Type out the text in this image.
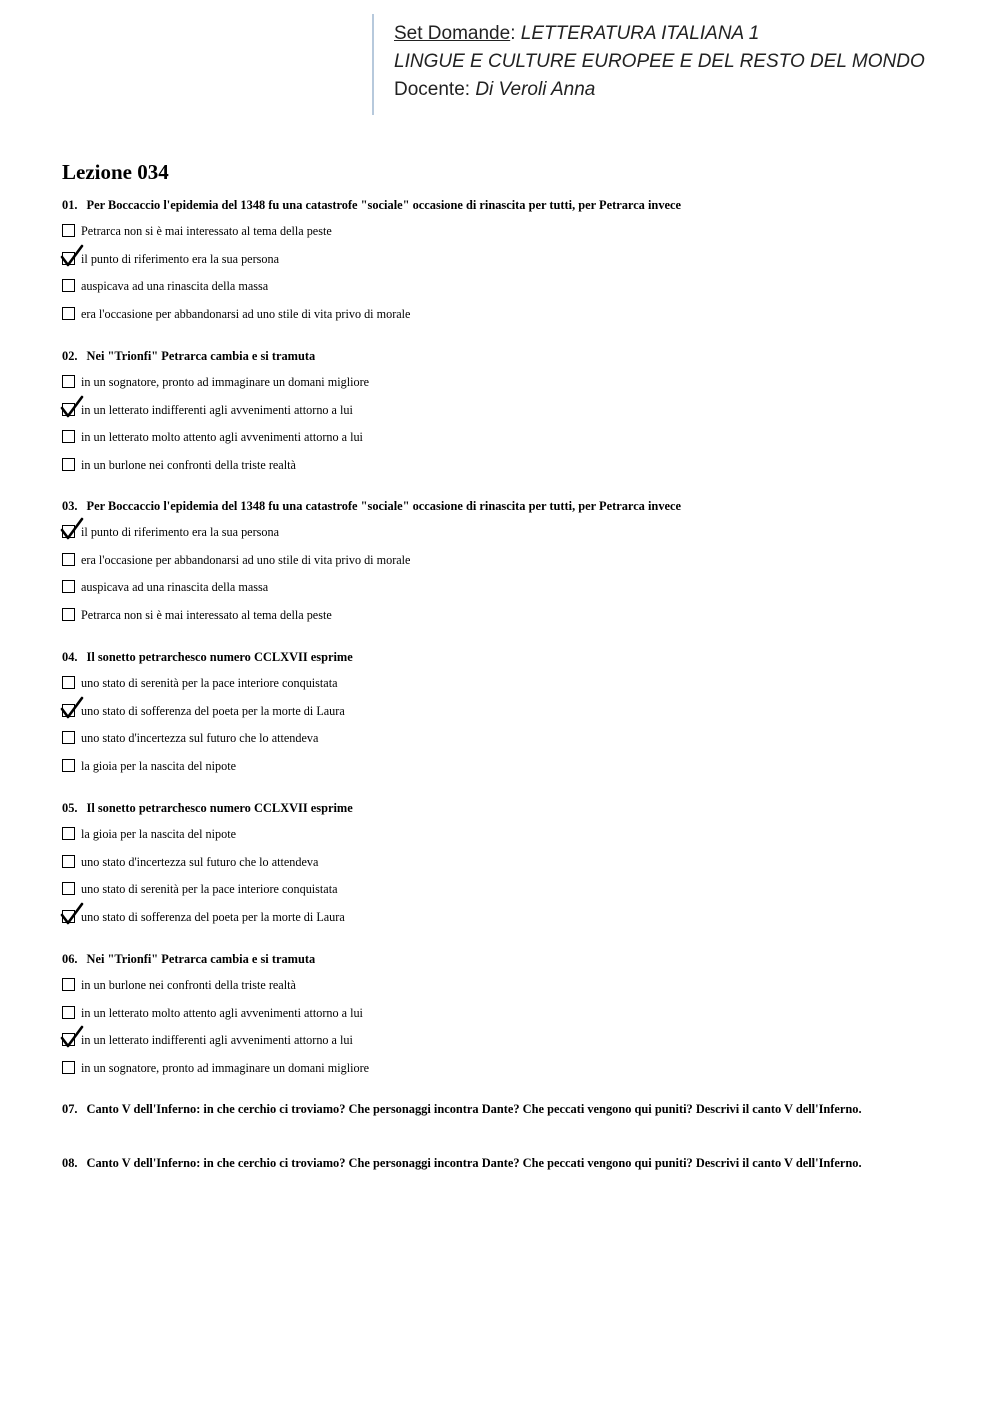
Set Domande: LETTERATURA ITALIANA 1
LINGUE E CULTURE EUROPEE E DEL RESTO DEL MONDO
Docente: Di Veroli Anna
Lezione 034
01. Per Boccaccio l'epidemia del 1348 fu una catastrofe "sociale" occasione di rinascita per tutti, per Petrarca invece
Petrarca non si è mai interessato al tema della peste
il punto di riferimento era la sua persona
auspicava ad una rinascita della massa
era l'occasione per abbandonarsi ad uno stile di vita privo di morale
02. Nei "Trionfi" Petrarca cambia e si tramuta
in un sognatore, pronto ad immaginare un domani migliore
in un letterato indifferenti agli avvenimenti attorno a lui
in un letterato molto attento agli avvenimenti attorno a lui
in un burlone nei confronti della triste realtà
03. Per Boccaccio l'epidemia del 1348 fu una catastrofe "sociale" occasione di rinascita per tutti, per Petrarca invece
il punto di riferimento era la sua persona
era l'occasione per abbandonarsi ad uno stile di vita privo di morale
auspicava ad una rinascita della massa
Petrarca non si è mai interessato al tema della peste
04. Il sonetto petrarchesco numero CCLXVII esprime
uno stato di serenità per la pace interiore conquistata
uno stato di sofferenza del poeta per la morte di Laura
uno stato d'incertezza sul futuro che lo attendeva
la gioia per la nascita del nipote
05. Il sonetto petrarchesco numero CCLXVII esprime
la gioia per la nascita del nipote
uno stato d'incertezza sul futuro che lo attendeva
uno stato di serenità per la pace interiore conquistata
uno stato di sofferenza del poeta per la morte di Laura
06. Nei "Trionfi" Petrarca cambia e si tramuta
in un burlone nei confronti della triste realtà
in un letterato molto attento agli avvenimenti attorno a lui
in un letterato indifferenti agli avvenimenti attorno a lui
in un sognatore, pronto ad immaginare un domani migliore
07. Canto V dell'Inferno: in che cerchio ci troviamo? Che personaggi incontra Dante? Che peccati vengono qui puniti? Descrivi il canto V dell'Inferno.
08. Canto V dell'Inferno: in che cerchio ci troviamo? Che personaggi incontra Dante? Che peccati vengono qui puniti? Descrivi il canto V dell'Inferno.
